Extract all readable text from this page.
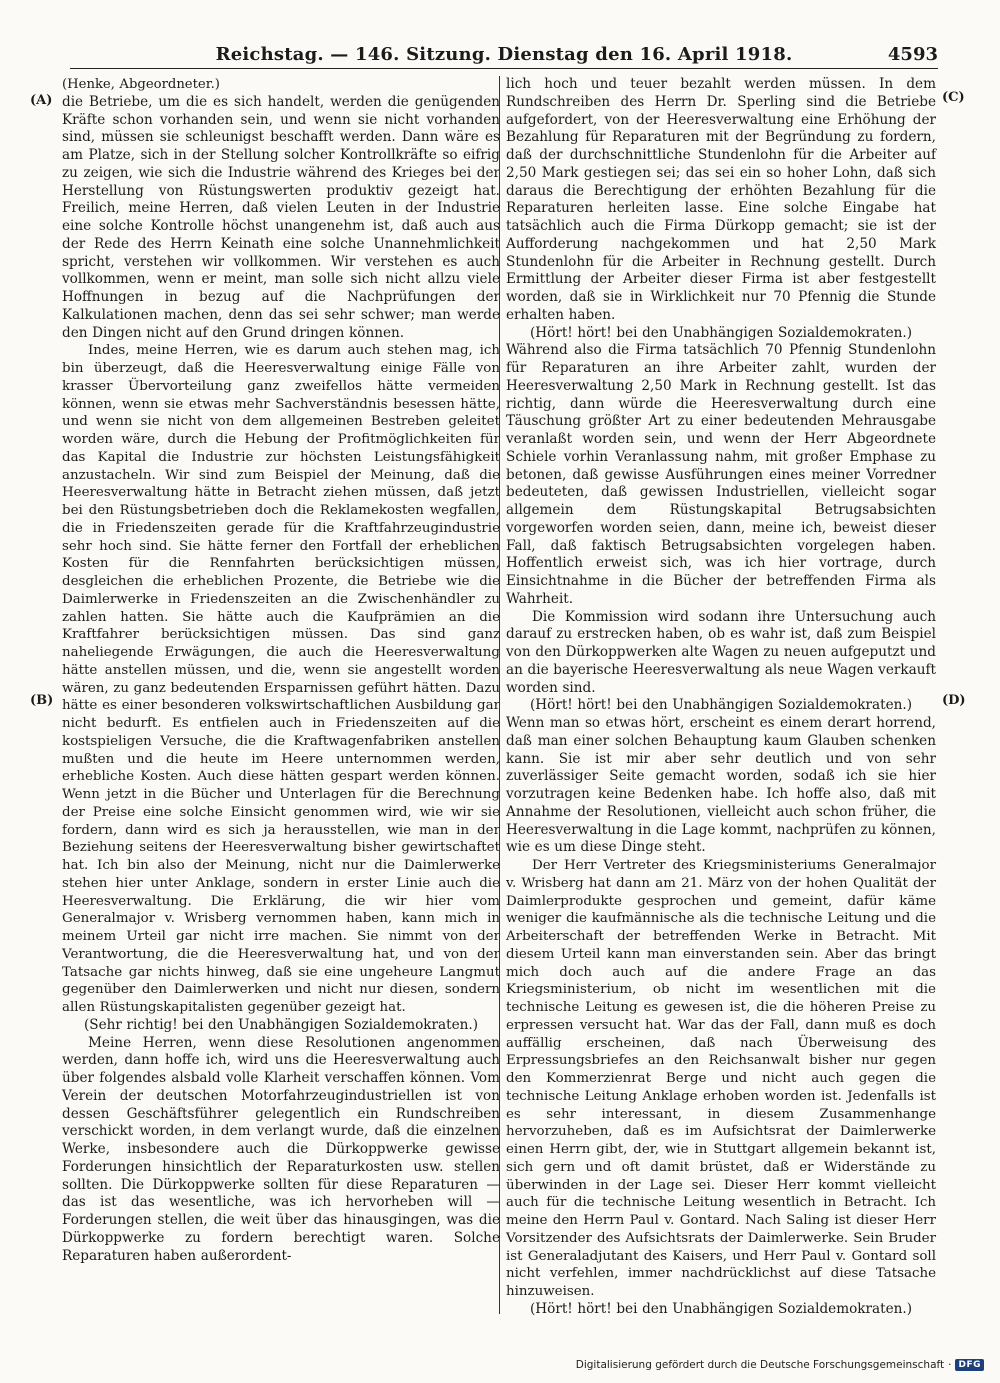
Reichstag. — 146. Sitzung. Dienstag den 16. April 1918.	4593
(A)
(B)
(C)
(D)

(Henke, Abgeordneter.)

die Betriebe, um die es sich handelt, werden die genügenden Kräfte schon vorhanden sein, und wenn sie nicht vorhanden sind, müssen sie schleunigst beschafft werden. Dann wäre es am Platze, sich in der Stellung solcher Kontrollkräfte so eifrig zu zeigen, wie sich die Industrie während des Krieges bei der Herstellung von Rüstungswerten produktiv gezeigt hat. Freilich, meine Herren, daß vielen Leuten in der Industrie eine solche Kontrolle höchst unangenehm ist, daß auch aus der Rede des Herrn Keinath eine solche Unannehmlichkeit spricht, verstehen wir vollkommen. Wir verstehen es auch vollkommen, wenn er meint, man solle sich nicht allzu viele Hoffnungen in bezug auf die Nachprüfungen der Kalkulationen machen, denn das sei sehr schwer; man werde den Dingen nicht auf den Grund dringen können.

Indes, meine Herren, wie es darum auch stehen mag, ich bin überzeugt, daß die Heeresverwaltung einige Fälle von krasser Übervorteilung ganz zweifellos hätte vermeiden können, wenn sie etwas mehr Sachverständnis besessen hätte, und wenn sie nicht von dem allgemeinen Bestreben geleitet worden wäre, durch die Hebung der Profitmöglichkeiten für das Kapital die Industrie zur höchsten Leistungsfähigkeit anzustacheln. Wir sind zum Beispiel der Meinung, daß die Heeresverwaltung hätte in Betracht ziehen müssen, daß jetzt bei den Rüstungsbetrieben doch die Reklamekosten wegfallen, die in Friedenszeiten gerade für die Kraftfahrzeugindustrie sehr hoch sind. Sie hätte ferner den Fortfall der erheblichen Kosten für die Rennfahrten berücksichtigen müssen, desgleichen die erheblichen Prozente, die Betriebe wie die Daimlerwerke in Friedenszeiten an die Zwischenhändler zu zahlen hatten. Sie hätte auch die Kaufprämien an die Kraftfahrer berücksichtigen müssen. Das sind ganz naheliegende Erwägungen, die auch die Heeresverwaltung hätte anstellen müssen, und die, wenn sie angestellt worden wären, zu ganz bedeutenden Ersparnissen geführt hätten. Dazu hätte es einer besonderen volkswirtschaftlichen Ausbildung gar nicht bedurft. Es entfielen auch in Friedenszeiten auf die kostspieligen Versuche, die die Kraftwagenfabriken anstellen mußten und die heute im Heere unternommen werden, erhebliche Kosten. Auch diese hätten gespart werden können. Wenn jetzt in die Bücher und Unterlagen für die Berechnung der Preise eine solche Einsicht genommen wird, wie wir sie fordern, dann wird es sich ja herausstellen, wie man in der Beziehung seitens der Heeresverwaltung bisher gewirtschaftet hat. Ich bin also der Meinung, nicht nur die Daimlerwerke stehen hier unter Anklage, sondern in erster Linie auch die Heeresverwaltung. Die Erklärung, die wir hier vom Generalmajor v. Wrisberg vernommen haben, kann mich in meinem Urteil gar nicht irre machen. Sie nimmt von der Verantwortung, die die Heeresverwaltung hat, und von der Tatsache gar nichts hinweg, daß sie eine ungeheure Langmut gegenüber den Daimlerwerken und nicht nur diesen, sondern allen Rüstungskapitalisten gegenüber gezeigt hat.

(Sehr richtig! bei den Unabhängigen Sozialdemokraten.)

Meine Herren, wenn diese Resolutionen angenommen werden, dann hoffe ich, wird uns die Heeresverwaltung auch über folgendes alsbald volle Klarheit verschaffen können. Vom Verein der deutschen Motorfahrzeugindustriellen ist von dessen Geschäftsführer gelegentlich ein Rundschreiben verschickt worden, in dem verlangt wurde, daß die einzelnen Werke, insbesondere auch die Dürkoppwerke gewisse Forderungen hinsichtlich der Reparaturkosten usw. stellen sollten. Die Dürkoppwerke sollten für diese Reparaturen — das ist das wesentliche, was ich hervorheben will — Forderungen stellen, die weit über das hinausgingen, was die Dürkoppwerke zu fordern berechtigt waren. Solche Reparaturen haben außerordent-

lich hoch und teuer bezahlt werden müssen. In dem Rundschreiben des Herrn Dr. Sperling sind die Betriebe aufgefordert, von der Heeresverwaltung eine Erhöhung der Bezahlung für Reparaturen mit der Begründung zu fordern, daß der durchschnittliche Stundenlohn für die Arbeiter auf 2,50 Mark gestiegen sei; das sei ein so hoher Lohn, daß sich daraus die Berechtigung der erhöhten Bezahlung für die Reparaturen herleiten lasse. Eine solche Eingabe hat tatsächlich auch die Firma Dürkopp gemacht; sie ist der Aufforderung nachgekommen und hat 2,50 Mark Stundenlohn für die Arbeiter in Rechnung gestellt. Durch Ermittlung der Arbeiter dieser Firma ist aber festgestellt worden, daß sie in Wirklichkeit nur 70 Pfennig die Stunde erhalten haben.

(Hört! hört! bei den Unabhängigen Sozialdemokraten.)

Während also die Firma tatsächlich 70 Pfennig Stundenlohn für Reparaturen an ihre Arbeiter zahlt, wurden der Heeresverwaltung 2,50 Mark in Rechnung gestellt. Ist das richtig, dann würde die Heeresverwaltung durch eine Täuschung größter Art zu einer bedeutenden Mehrausgabe veranlaßt worden sein, und wenn der Herr Abgeordnete Schiele vorhin Veranlassung nahm, mit großer Emphase zu betonen, daß gewisse Ausführungen eines meiner Vorredner bedeuteten, daß gewissen Industriellen, vielleicht sogar allgemein dem Rüstungskapital Betrugsabsichten vorgeworfen worden seien, dann, meine ich, beweist dieser Fall, daß faktisch Betrugsabsichten vorgelegen haben. Hoffentlich erweist sich, was ich hier vortrage, durch Einsichtnahme in die Bücher der betreffenden Firma als Wahrheit.

Die Kommission wird sodann ihre Untersuchung auch darauf zu erstrecken haben, ob es wahr ist, daß zum Beispiel von den Dürkoppwerken alte Wagen zu neuen aufgeputzt und an die bayerische Heeresverwaltung als neue Wagen verkauft worden sind.

(Hört! hört! bei den Unabhängigen Sozialdemokraten.)

Wenn man so etwas hört, erscheint es einem derart horrend, daß man einer solchen Behauptung kaum Glauben schenken kann. Sie ist mir aber sehr deutlich und von sehr zuverlässiger Seite gemacht worden, sodaß ich sie hier vorzutragen keine Bedenken habe. Ich hoffe also, daß mit Annahme der Resolutionen, vielleicht auch schon früher, die Heeresverwaltung in die Lage kommt, nachprüfen zu können, wie es um diese Dinge steht.

Der Herr Vertreter des Kriegsministeriums Generalmajor v. Wrisberg hat dann am 21. März von der hohen Qualität der Daimlerprodukte gesprochen und gemeint, dafür käme weniger die kaufmännische als die technische Leitung und die Arbeiterschaft der betreffenden Werke in Betracht. Mit diesem Urteil kann man einverstanden sein. Aber das bringt mich doch auch auf die andere Frage an das Kriegsministerium, ob nicht im wesentlichen mit die technische Leitung es gewesen ist, die die höheren Preise zu erpressen versucht hat. War das der Fall, dann muß es doch auffällig erscheinen, daß nach Überweisung des Erpressungsbriefes an den Reichsanwalt bisher nur gegen den Kommerzienrat Berge und nicht auch gegen die technische Leitung Anklage erhoben worden ist. Jedenfalls ist es sehr interessant, in diesem Zusammenhange hervorzuheben, daß es im Aufsichtsrat der Daimlerwerke einen Herrn gibt, der, wie in Stuttgart allgemein bekannt ist, sich gern und oft damit brüstet, daß er Widerstände zu überwinden in der Lage sei. Dieser Herr kommt vielleicht auch für die technische Leitung wesentlich in Betracht. Ich meine den Herrn Paul v. Gontard. Nach Saling ist dieser Herr Vorsitzender des Aufsichtsrats der Daimlerwerke. Sein Bruder ist Generaladjutant des Kaisers, und Herr Paul v. Gontard soll nicht verfehlen, immer nachdrücklichst auf diese Tatsache hinzuweisen.

(Hört! hört! bei den Unabhängigen Sozialdemokraten.)

Digitalisierung gefördert durch die Deutsche Forschungsgemeinschaft · DFG
